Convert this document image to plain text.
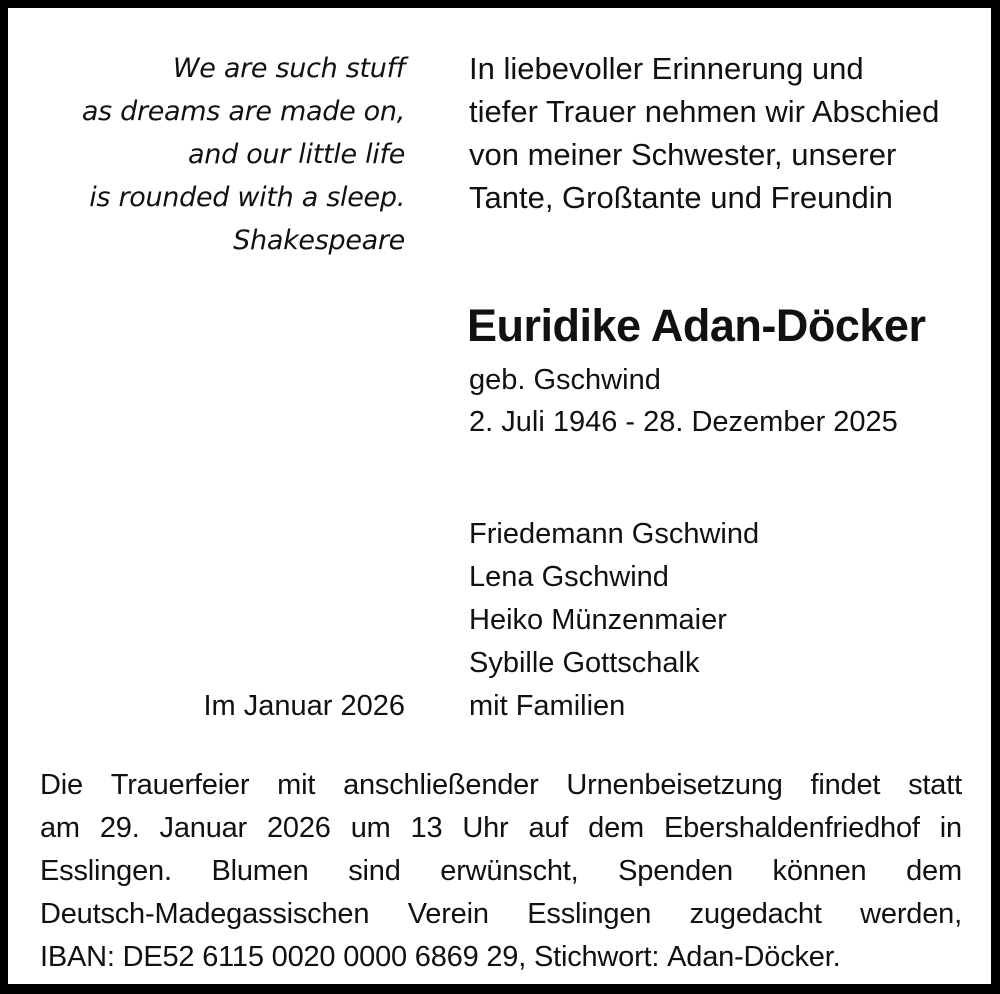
We are such stuff
as dreams are made on,
and our little life
is rounded with a sleep.
Shakespeare
In liebevoller Erinnerung und
tiefer Trauer nehmen wir Abschied
von meiner Schwester, unserer
Tante, Großtante und Freundin
Euridike Adan-Döcker
geb. Gschwind
2. Juli 1946 - 28. Dezember 2025
Friedemann Gschwind
Lena Gschwind
Heiko Münzenmaier
Sybille Gottschalk
mit Familien
Im Januar 2026
Die Trauerfeier mit anschließender Urnenbeisetzung findet statt
am 29. Januar 2026 um 13 Uhr auf dem Ebershaldenfriedhof in
Esslingen. Blumen sind erwünscht, Spenden können dem
Deutsch-Madegassischen Verein Esslingen zugedacht werden,
IBAN:
DE52
6115
0020
0000
6869
29,
Stichwort:
Adan-Döcker.
